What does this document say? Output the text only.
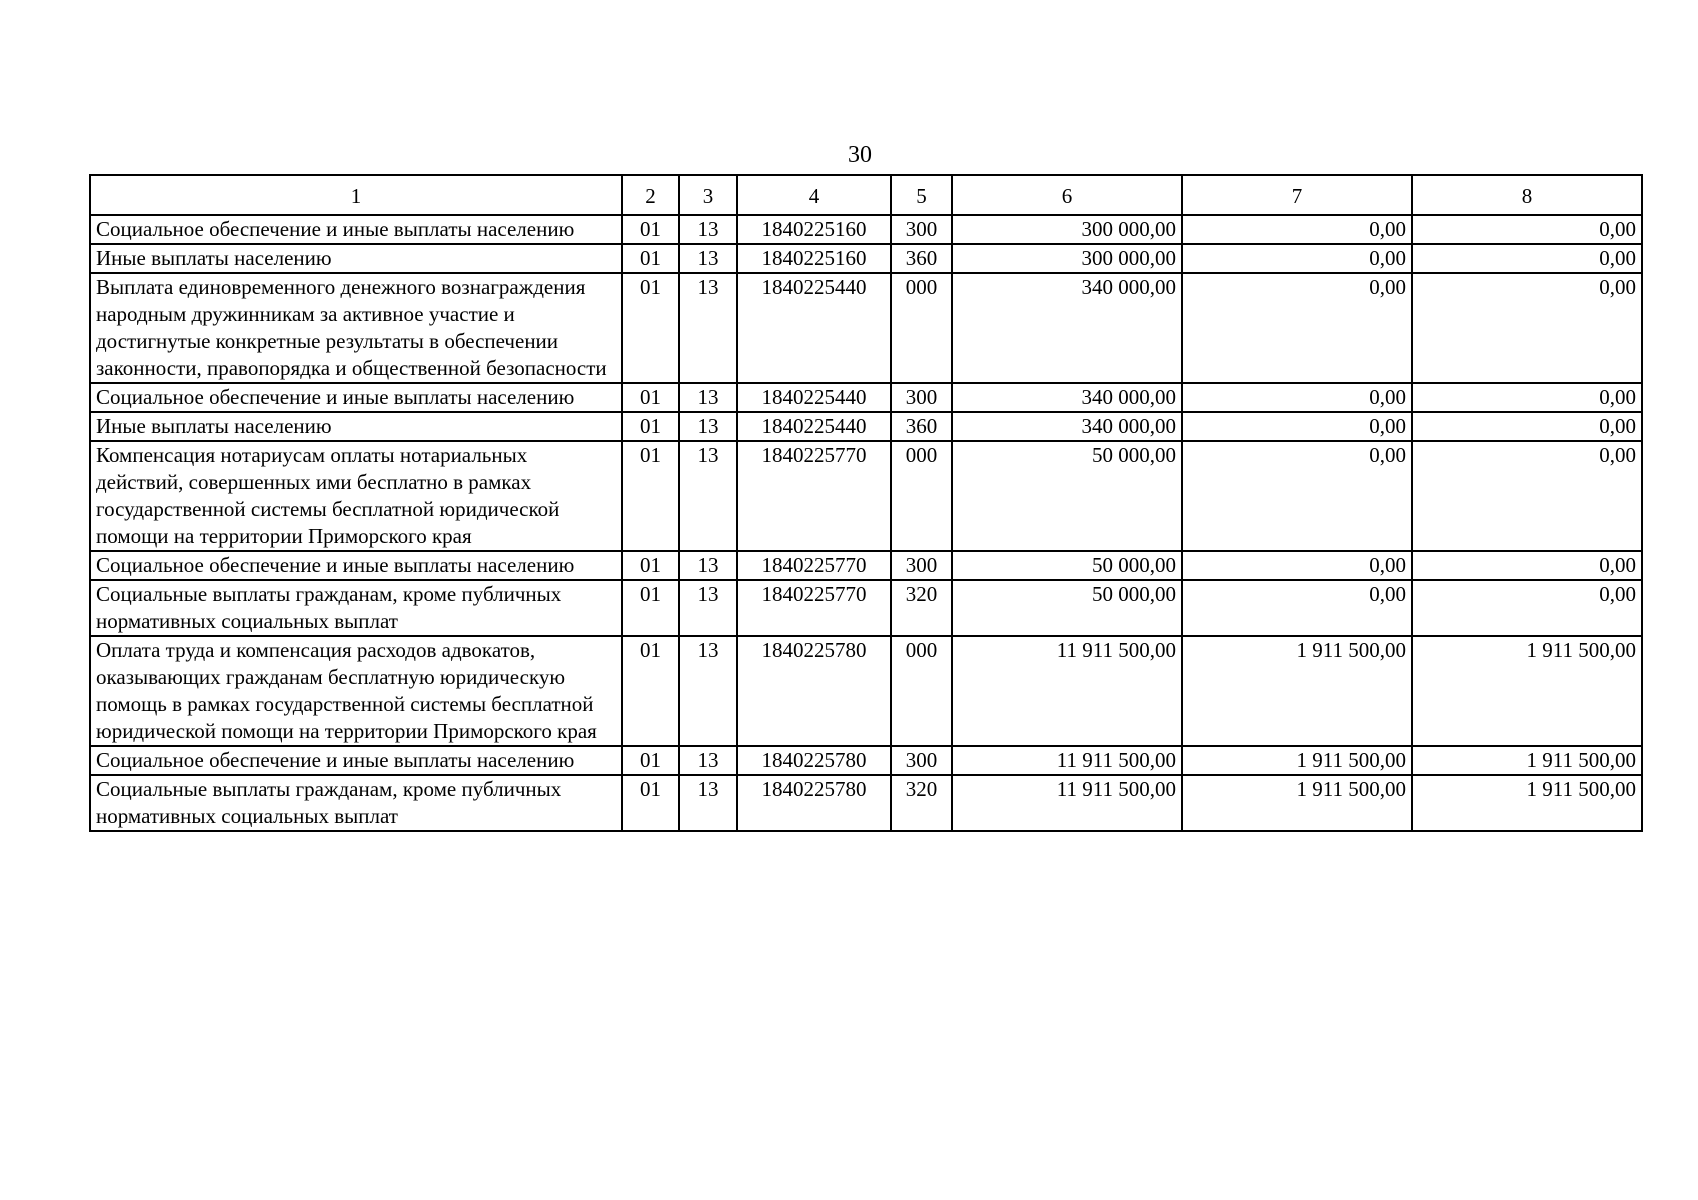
30
1	2	3	4	5	6	7	8
Социальное обеспечение и иные выплаты населению	01	13	1840225160	300	300 000,00	0,00	0,00
Иные выплаты населению	01	13	1840225160	360	300 000,00	0,00	0,00
Выплата единовременного денежного вознаграждения народным дружинникам за активное участие и достигнутые конкретные результаты в обеспечении законности, правопорядка и общественной безопасности	01	13	1840225440	000	340 000,00	0,00	0,00
Социальное обеспечение и иные выплаты населению	01	13	1840225440	300	340 000,00	0,00	0,00
Иные выплаты населению	01	13	1840225440	360	340 000,00	0,00	0,00
Компенсация нотариусам оплаты нотариальных действий, совершенных ими бесплатно в рамках государственной системы бесплатной юридической помощи на территории Приморского края	01	13	1840225770	000	50 000,00	0,00	0,00
Социальное обеспечение и иные выплаты населению	01	13	1840225770	300	50 000,00	0,00	0,00
Социальные выплаты гражданам, кроме публичных нормативных социальных выплат	01	13	1840225770	320	50 000,00	0,00	0,00
Оплата труда и компенсация расходов адвокатов, оказывающих гражданам бесплатную юридическую помощь в рамках государственной системы бесплатной юридической помощи на территории Приморского края	01	13	1840225780	000	11 911 500,00	1 911 500,00	1 911 500,00
Социальное обеспечение и иные выплаты населению	01	13	1840225780	300	11 911 500,00	1 911 500,00	1 911 500,00
Социальные выплаты гражданам, кроме публичных нормативных социальных выплат	01	13	1840225780	320	11 911 500,00	1 911 500,00	1 911 500,00
